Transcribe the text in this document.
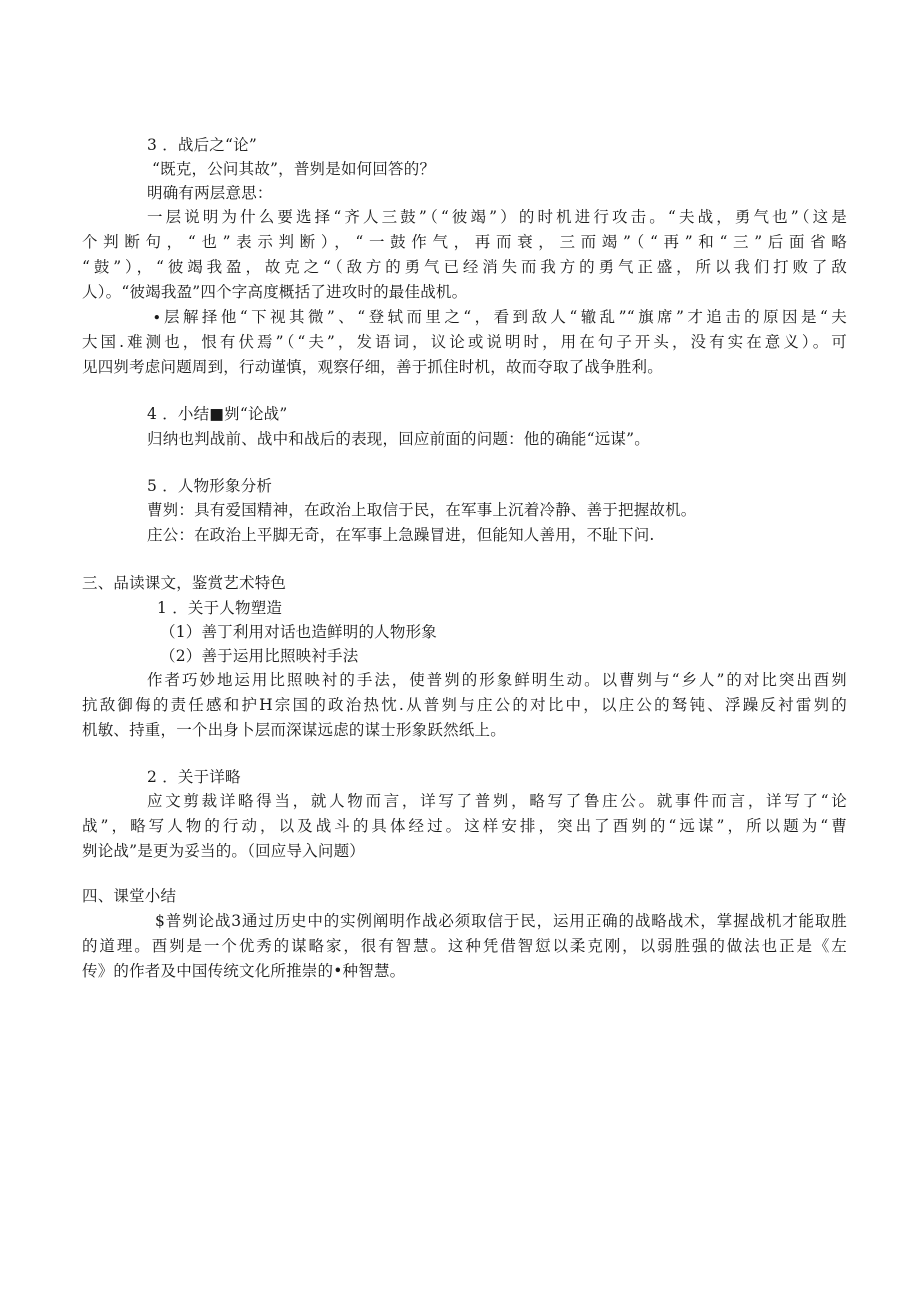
3 ．战后之“论”
“既克，公问其故”，普刿是如何回答的？
明确有两层意思：
一层说明为什么要选择“齐人三鼓”（“彼竭”）的时机进行攻击。“夫战，勇气也”（这是
个判断句，“也”表示判断），“一鼓作气，再而衰，三而竭”（“再”和“三”后面省略
“鼓”），“彼竭我盈，故克之“（敌方的勇气已经消失而我方的勇气正盛，所以我们打败了敌
人）。“彼竭我盈”四个字高度概括了进攻时的最佳战机。
∙层解择他“下视其微”、“登轼而里之“，看到敌人“辙乱”“旗席”才追击的原因是“夫
大国.难测也，恨有伏焉”（“夫”，发语词，议论或说明时，用在句子开头，没有实在意义）。可
见四刿考虑问题周到，行动谨慎，观察仔细，善于抓住时机，故而夺取了战争胜利。
4 ．小结■刿“论战”
归纳也判战前、战中和战后的表现，回应前面的问题：他的确能“远谋”。
5 ．人物形象分析
曹刿：具有爱国精神，在政治上取信于民，在军事上沉着冷静、善于把握故机。
庄公：在政治上平脚无奇，在军事上急躁冒进，但能知人善用，不耻下问.
三、品读课文，鉴赏艺术特色
1 ．关于人物塑造
（1）善丁利用对话也造鲜明的人物形象
（2）善于运用比照映衬手法
作者巧妙地运用比照映衬的手法，使普刿的形象鲜明生动。以曹刿与“乡人”的对比突出酉刿
抗敌御侮的责任感和护H宗国的政治热忱.从普刿与庄公的对比中，以庄公的驽钝、浮躁反衬雷刿的
机敏、持重，一个出身卜层而深谋远虑的谋士形象跃然纸上。
2 ．关于详略
应文剪裁详略得当，就人物而言，详写了普刿，略写了鲁庄公。就事件而言，详写了“论
战”，略写人物的行动，以及战斗的具体经过。这样安排，突出了酉刿的“远谋”，所以题为“曹
刿论战”是更为妥当的。（回应导入问题）
四、课堂小结
$普刿论战3通过历史中的实例阐明作战必须取信于民，运用正确的战略战术，掌握战机才能取胜
的道理。酉刿是一个优秀的谋略家，很有智慧。这种凭借智愆以柔克刚，以弱胜强的做法也正是《左
传》的作者及中国传统文化所推崇的•种智慧。
